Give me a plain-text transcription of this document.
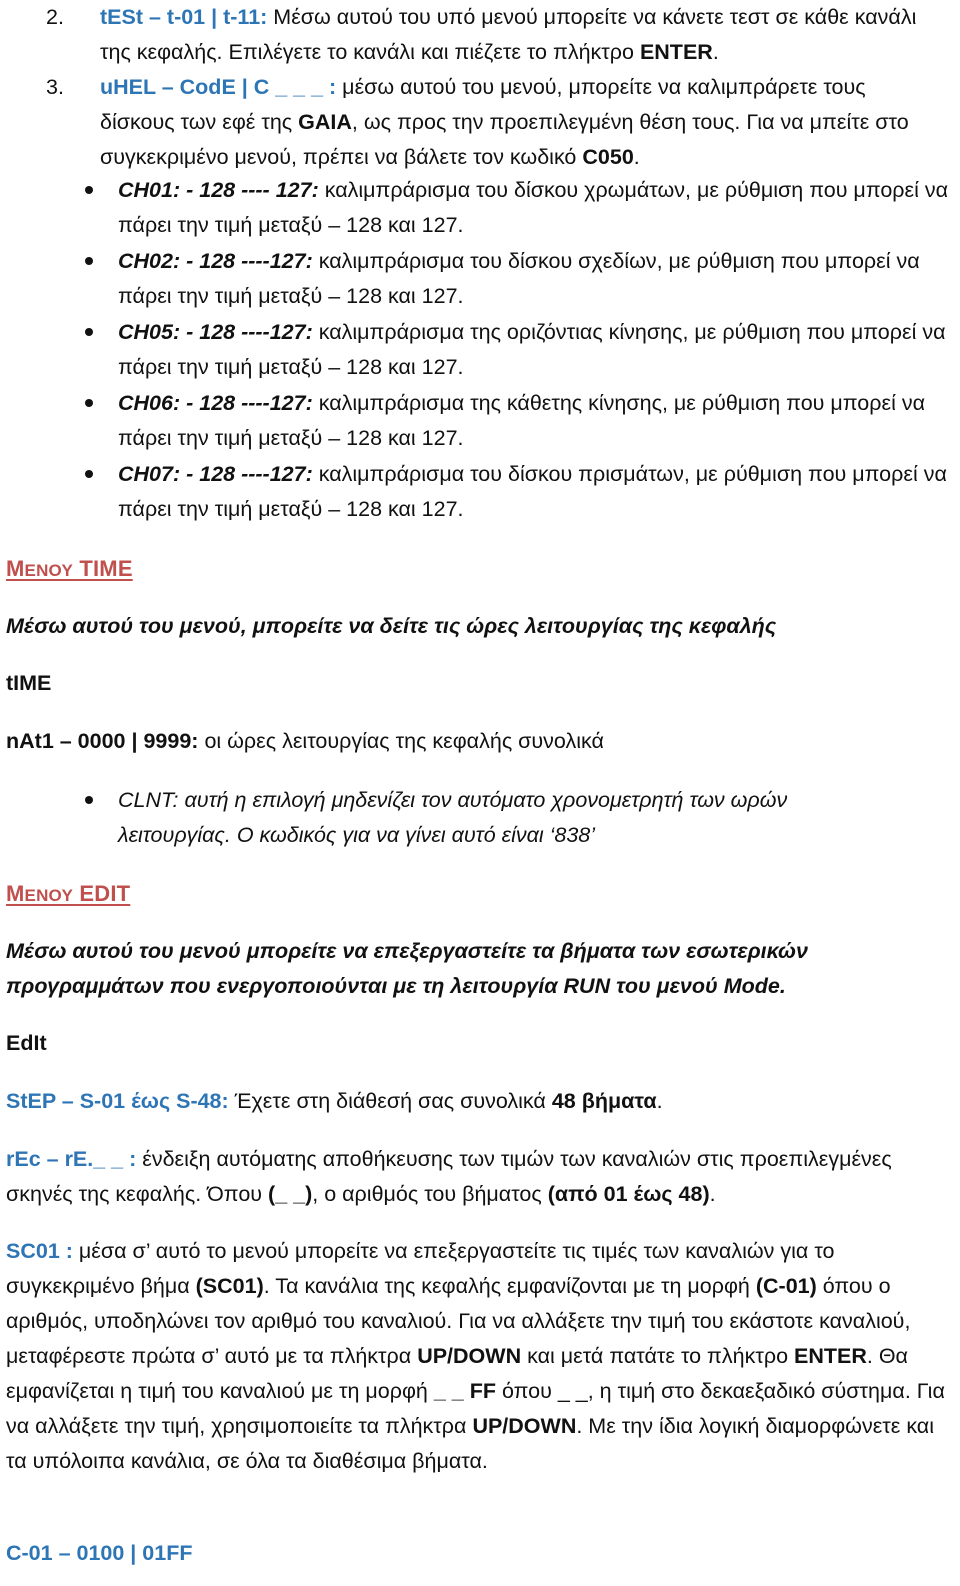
2. tESt – t-01 | t-11: Μέσω αυτού του υπό μενού μπορείτε να κάνετε τεστ σε κάθε κανάλι της κεφαλής. Επιλέγετε το κανάλι και πιέζετε το πλήκτρο ENTER.
3. uHEL – CodE | C _ _ _ : μέσω αυτού του μενού, μπορείτε να καλιμπράρετε τους δίσκους των εφέ της GAIA, ως προς την προεπιλεγμένη θέση τους. Για να μπείτε στο συγκεκριμένο μενού, πρέπει να βάλετε τον κωδικό C050.
CH01: - 128 ---- 127: καλιμπράρισμα του δίσκου χρωμάτων, με ρύθμιση που μπορεί να πάρει την τιμή μεταξύ – 128 και 127.
CH02: - 128 ----127: καλιμπράρισμα του δίσκου σχεδίων, με ρύθμιση που μπορεί να πάρει την τιμή μεταξύ – 128 και 127.
CH05: - 128 ----127: καλιμπράρισμα της οριζόντιας κίνησης, με ρύθμιση που μπορεί να πάρει την τιμή μεταξύ – 128 και 127.
CH06: - 128 ----127: καλιμπράρισμα της κάθετης κίνησης, με ρύθμιση που μπορεί να πάρει την τιμή μεταξύ – 128 και 127.
CH07: - 128 ----127: καλιμπράρισμα του δίσκου πρισμάτων, με ρύθμιση που μπορεί να πάρει την τιμή μεταξύ – 128 και 127.
MΕΝΟΥ TIME
Μέσω αυτού του μενού, μπορείτε να δείτε τις ώρες λειτουργίας της κεφαλής
tIME
nAt1 – 0000 | 9999: οι ώρες λειτουργίας της κεφαλής συνολικά
CLNT: αυτή η επιλογή μηδενίζει τον αυτόματο χρονομετρητή των ωρών λειτουργίας. Ο κωδικός για να γίνει αυτό είναι ‘838’
MΕΝΟΥ EDIT
Μέσω αυτού του μενού μπορείτε να επεξεργαστείτε τα βήματα των εσωτερικών προγραμμάτων που ενεργοποιούνται με τη λειτουργία RUN του μενού Mode.
EdIt
StEP – S-01 έως S-48: Έχετε στη διάθεσή σας συνολικά 48 βήματα.
rEc – rE._ _ : ένδειξη αυτόματης αποθήκευσης των τιμών των καναλιών στις προεπιλεγμένες σκηνές της κεφαλής. Όπου (_ _), ο αριθμός του βήματος (από 01 έως 48).
SC01 : μέσα σ’ αυτό το μενού μπορείτε να επεξεργαστείτε τις τιμές των καναλιών για το συγκεκριμένο βήμα (SC01). Τα κανάλια της κεφαλής εμφανίζονται με τη μορφή (C-01) όπου ο αριθμός, υποδηλώνει τον αριθμό του καναλιού. Για να αλλάξετε την τιμή του εκάστοτε καναλιού, μεταφέρεστε πρώτα σ’ αυτό με τα πλήκτρα UP/DOWN και μετά πατάτε το πλήκτρο ENTER. Θα εμφανίζεται η τιμή του καναλιού με τη μορφή _ _ FF όπου _ _, η τιμή στο δεκαεξαδικό σύστημα. Για να αλλάξετε την τιμή, χρησιμοποιείτε τα πλήκτρα UP/DOWN. Με την ίδια λογική διαμορφώνετε και τα υπόλοιπα κανάλια, σε όλα τα διαθέσιμα βήματα.
C-01 – 0100 | 01FF
